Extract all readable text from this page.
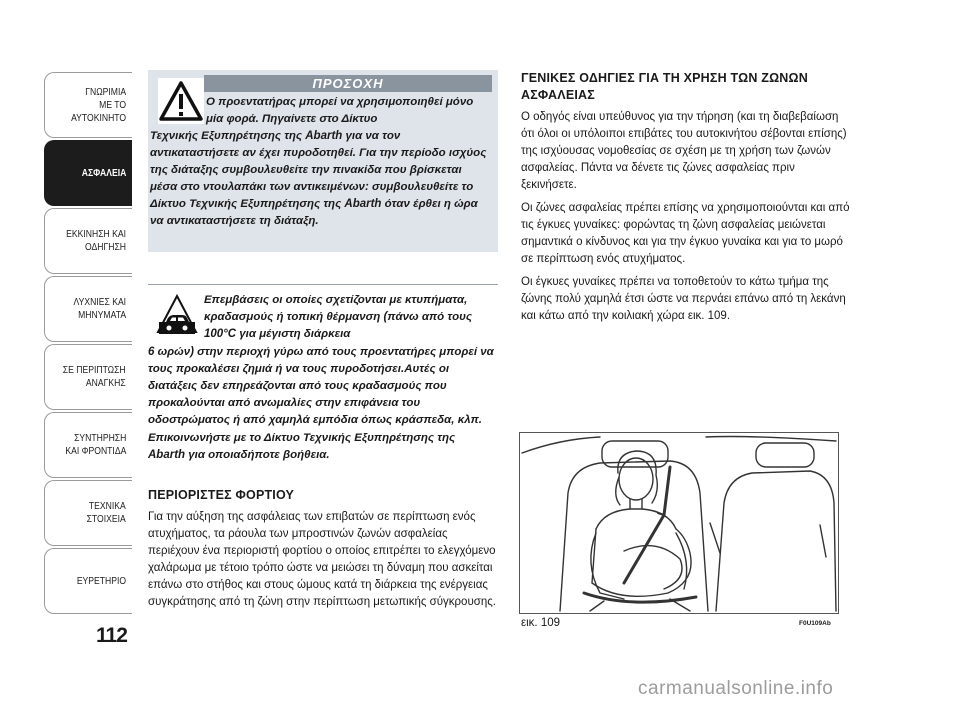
ΓΝΩΡΙΜΙΑ
ΜΕ ΤΟ
ΑΥΤΟΚΙΝΗΤΟ
ΑΣΦΑΛΕΙΑ
ΕΚΚΙΝΗΣΗ ΚΑΙ
ΟΔΗΓΗΣΗ
ΛΥΧΝΙΕΣ ΚΑΙ
ΜΗΝΥΜΑΤΑ
ΣΕ ΠΕΡΙΠΤΩΣΗ
ΑΝΑΓΚΗΣ
ΣΥΝΤΗΡΗΣΗ
ΚΑΙ ΦΡΟΝΤΙΔΑ
ΤΕΧΝΙΚΑ
ΣΤΟΙΧΕΙΑ
ΕΥΡΕΤΗΡΙΟ
112
ΠΡΟΣΟΧΗ
Ο προεντατήρας μπορεί να χρησιμοποιηθεί μόνο μία φορά. Πηγαίνετε στο Δίκτυο
Τεχνικής Εξυπηρέτησης της Abarth για να τον αντικαταστήσετε αν έχει πυροδοτηθεί. Για την περίοδο ισχύος της διάταξης συμβουλευθείτε την πινακίδα που βρίσκεται μέσα στο ντουλαπάκι των αντικειμένων: συμβουλευθείτε το Δίκτυο Τεχνικής Εξυπηρέτησης της Abarth όταν έρθει η ώρα να αντικαταστήσετε τη διάταξη.
Επεμβάσεις οι οποίες σχετίζονται με κτυπήματα, κραδασμούς ή τοπική θέρμανση (πάνω από τους 100°C για μέγιστη διάρκεια
6 ωρών) στην περιοχή γύρω από τους προεντατήρες μπορεί να τους προκαλέσει ζημιά ή να τους πυροδοτήσει.Αυτές οι διατάξεις δεν επηρεάζονται από τους κραδασμούς που προκαλούνται από ανωμαλίες στην επιφάνεια του οδοστρώματος ή από χαμηλά εμπόδια όπως κράσπεδα, κλπ. Επικοινωνήστε με το Δίκτυο Τεχνικής Εξυπηρέτησης της Abarth για οποιαδήποτε βοήθεια.
ΠΕΡΙΟΡΙΣΤΕΣ ΦΟΡΤΙΟΥ

Για την αύξηση της ασφάλειας των επιβατών σε περίπτωση ενός ατυχήματος, τα ράουλα των μπροστινών ζωνών ασφαλείας περιέχουν ένα περιοριστή φορτίου ο οποίος επιτρέπει το ελεγχόμενο χαλάρωμα με τέτοιο τρόπο ώστε να μειώσει τη δύναμη που ασκείται επάνω στο στήθος και στους ώμους κατά τη διάρκεια της ενέργειας συγκράτησης από τη ζώνη στην περίπτωση μετωπικής σύγκρουσης.

ΓΕΝΙΚΕΣ ΟΔΗΓΙΕΣ ΓΙΑ ΤΗ ΧΡΗΣΗ ΤΩΝ ΖΩΝΩΝ ΑΣΦΑΛΕΙΑΣ

Ο οδηγός είναι υπεύθυνος για την τήρηση (και τη διαβεβαίωση ότι όλοι οι υπόλοιποι επιβάτες του αυτοκινήτου σέβονται επίσης) της ισχύουσας νομοθεσίας σε σχέση με τη χρήση των ζωνών ασφαλείας. Πάντα να δένετε τις ζώνες ασφαλείας πριν ξεκινήσετε.

Οι ζώνες ασφαλείας πρέπει επίσης να χρησιμοποιούνται και από τις έγκυες γυναίκες: φορώντας τη ζώνη ασφαλείας μειώνεται σημαντικά ο κίνδυνος και για την έγκυο γυναίκα και για το μωρό σε περίπτωση ενός ατυχήματος.

Οι έγκυες γυναίκες πρέπει να τοποθετούν το κάτω τμήμα της ζώνης πολύ χαμηλά έτσι ώστε να περνάει επάνω από τη λεκάνη και κάτω από την κοιλιακή χώρα εικ. 109.

εικ. 109	F0U109Ab
carmanualsonline.info
